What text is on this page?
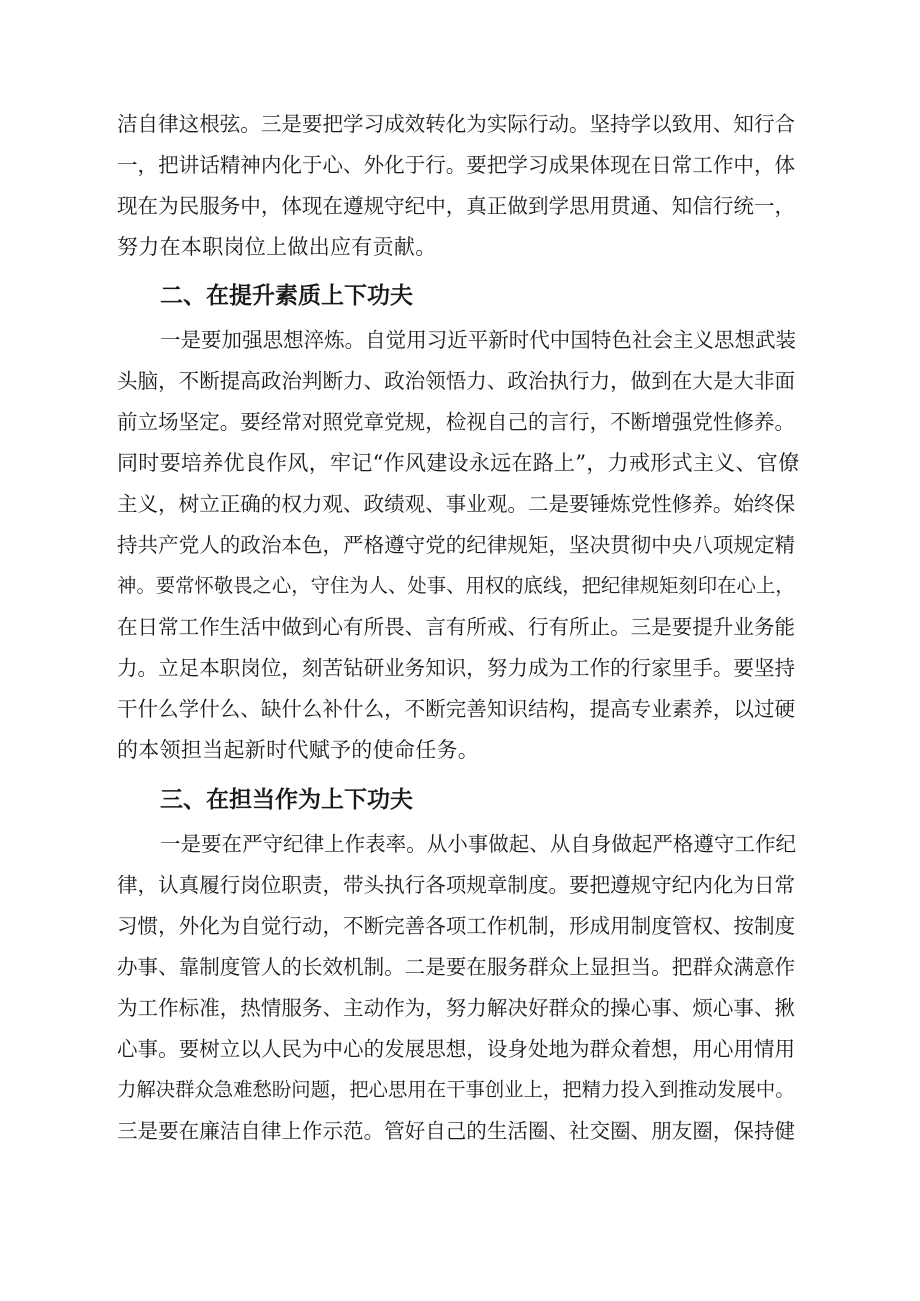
洁自律这根弦。三是要把学习成效转化为实际行动。坚持学以致用、知行合

一，把讲话精神内化于心、外化于行。要把学习成果体现在日常工作中，体

现在为民服务中，体现在遵规守纪中，真正做到学思用贯通、知信行统一，

努力在本职岗位上做出应有贡献。

二、在提升素质上下功夫

一是要加强思想淬炼。自觉用习近平新时代中国特色社会主义思想武装

头脑，不断提高政治判断力、政治领悟力、政治执行力，做到在大是大非面

前立场坚定。要经常对照党章党规，检视自己的言行，不断增强党性修养。

同时要培养优良作风，牢记“作风建设永远在路上”，力戒形式主义、官僚

主义，树立正确的权力观、政绩观、事业观。二是要锤炼党性修养。始终保

持共产党人的政治本色，严格遵守党的纪律规矩，坚决贯彻中央八项规定精

神。要常怀敬畏之心，守住为人、处事、用权的底线，把纪律规矩刻印在心上，

在日常工作生活中做到心有所畏、言有所戒、行有所止。三是要提升业务能

力。立足本职岗位，刻苦钻研业务知识，努力成为工作的行家里手。要坚持

干什么学什么、缺什么补什么，不断完善知识结构，提高专业素养，以过硬

的本领担当起新时代赋予的使命任务。

三、在担当作为上下功夫

一是要在严守纪律上作表率。从小事做起、从自身做起严格遵守工作纪

律，认真履行岗位职责，带头执行各项规章制度。要把遵规守纪内化为日常

习惯，外化为自觉行动，不断完善各项工作机制，形成用制度管权、按制度

办事、靠制度管人的长效机制。二是要在服务群众上显担当。把群众满意作

为工作标准，热情服务、主动作为，努力解决好群众的操心事、烦心事、揪

心事。要树立以人民为中心的发展思想，设身处地为群众着想，用心用情用

力解决群众急难愁盼问题，把心思用在干事创业上，把精力投入到推动发展中。

三是要在廉洁自律上作示范。管好自己的生活圈、社交圈、朋友圈，保持健
